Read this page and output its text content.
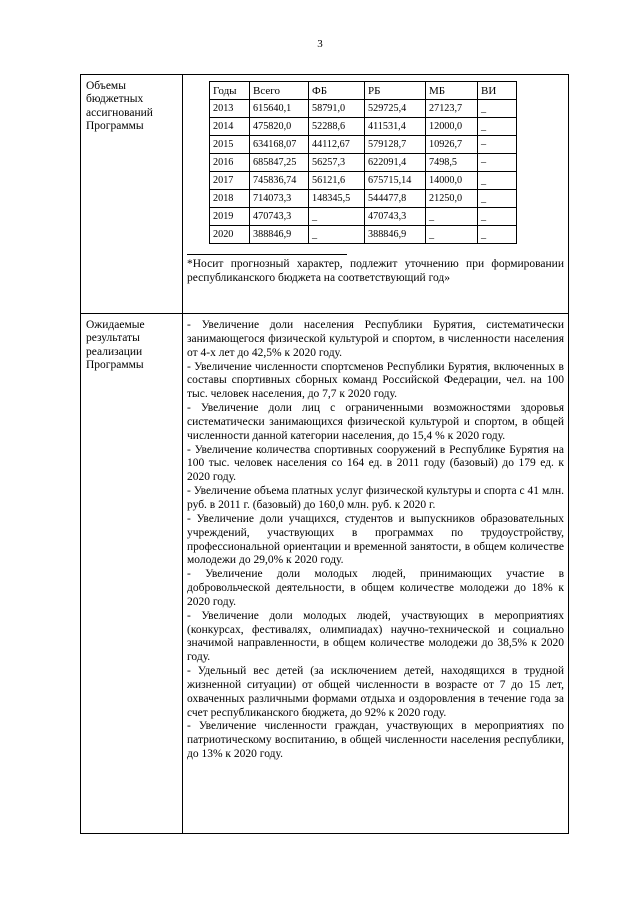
3
Объемы бюджетных ассигнований Программы

Годы	Всего	ФБ	РБ	МБ	ВИ
2013	615640,1	58791,0	529725,4	27123,7	_
2014	475820,0	52288,6	411531,4	12000,0	_
2015	634168,07	44112,67	579128,7	10926,7	–
2016	685847,25	56257,3	622091,4	7498,5	–
2017	745836,74	56121,6	675715,14	14000,0	_
2018	714073,3	148345,5	544477,8	21250,0	_
2019	470743,3	_	470743,3	_	_
2020	388846,9	_	388846,9	_	_
*Носит прогнозный характер, подлежит уточнению при формировании республиканского бюджета на соответствующий год»

Ожидаемые результаты реализации Программы

- Увеличение доли населения Республики Бурятия, систематически занимающегося физической культурой и спортом, в численности населения от 4-х лет до 42,5% к 2020 году.

- Увеличение численности спортсменов Республики Бурятия, включенных в составы спортивных сборных команд Российской Федерации, чел. на 100 тыс. человек населения, до 7,7 к 2020 году.

- Увеличение доли лиц с ограниченными возможностями здоровья систематически занимающихся физической культурой и спортом, в общей численности данной категории населения, до 15,4 % к 2020 году.

- Увеличение количества спортивных сооружений в Республике Бурятия на 100 тыс. человек населения со 164 ед. в 2011 году (базовый) до 179 ед. к 2020 году.

- Увеличение объема платных услуг физической культуры и спорта с 41 млн. руб. в 2011 г. (базовый) до 160,0 млн. руб. к 2020 г.

- Увеличение доли учащихся, студентов и выпускников образовательных учреждений, участвующих в программах по трудоустройству, профессиональной ориентации и временной занятости, в общем количестве молодежи до 29,0% к 2020 году.

- Увеличение доли молодых людей, принимающих участие в добровольческой деятельности, в общем количестве молодежи до 18% к 2020 году.

- Увеличение доли молодых людей, участвующих в мероприятиях (конкурсах, фестивалях, олимпиадах) научно-технической и социально значимой направленности, в общем количестве молодежи до 38,5% к 2020 году.

- Удельный вес детей (за исключением детей, находящихся в трудной жизненной ситуации) от общей численности в возрасте от 7 до 15 лет, охваченных различными формами отдыха и оздоровления в течение года за счет республиканского бюджета, до 92% к 2020 году.

- Увеличение численности граждан, участвующих в мероприятиях по патриотическому воспитанию, в общей численности населения республики, до 13% к 2020 году.
